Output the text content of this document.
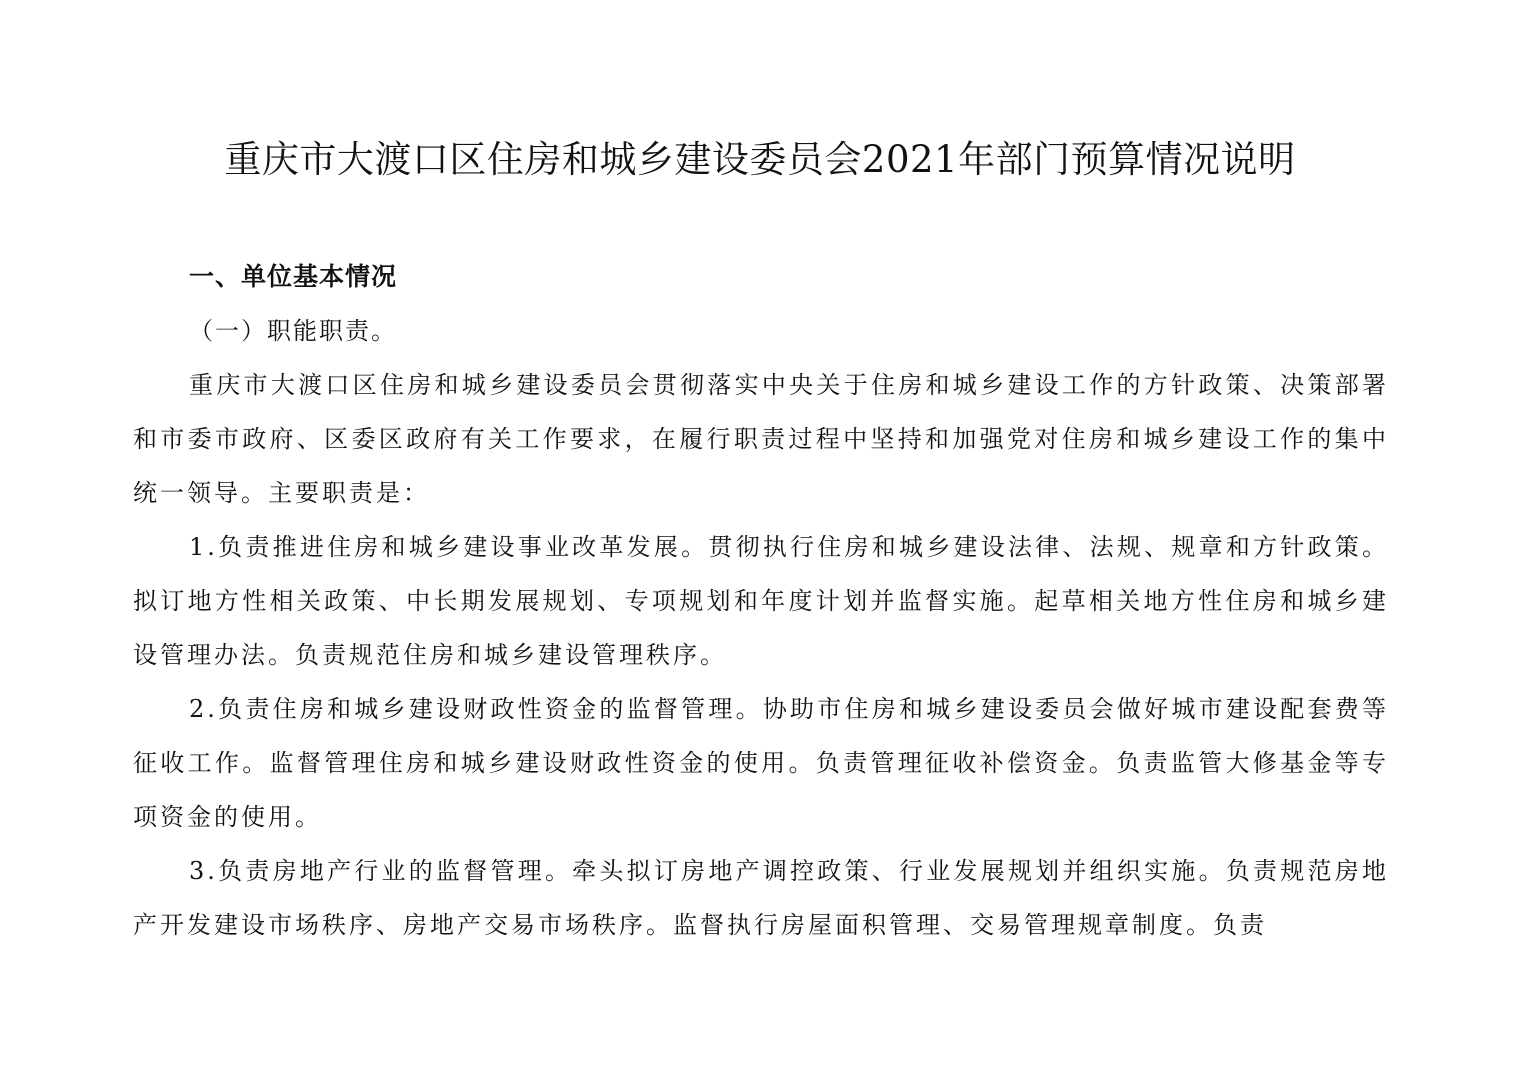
重庆市大渡口区住房和城乡建设委员会2021年部门预算情况说明

一、单位基本情况

（一）职能职责。

重庆市大渡口区住房和城乡建设委员会贯彻落实中央关于住房和城乡建设工作的方针政策、决策部署和市委市政府、区委区政府有关工作要求，在履行职责过程中坚持和加强党对住房和城乡建设工作的集中统一领导。主要职责是：

1.负责推进住房和城乡建设事业改革发展。贯彻执行住房和城乡建设法律、法规、规章和方针政策。拟订地方性相关政策、中长期发展规划、专项规划和年度计划并监督实施。起草相关地方性住房和城乡建设管理办法。负责规范住房和城乡建设管理秩序。

2.负责住房和城乡建设财政性资金的监督管理。协助市住房和城乡建设委员会做好城市建设配套费等征收工作。监督管理住房和城乡建设财政性资金的使用。负责管理征收补偿资金。负责监管大修基金等专项资金的使用。

3.负责房地产行业的监督管理。牵头拟订房地产调控政策、行业发展规划并组织实施。负责规范房地产开发建设市场秩序、房地产交易市场秩序。监督执行房屋面积管理、交易管理规章制度。负责
